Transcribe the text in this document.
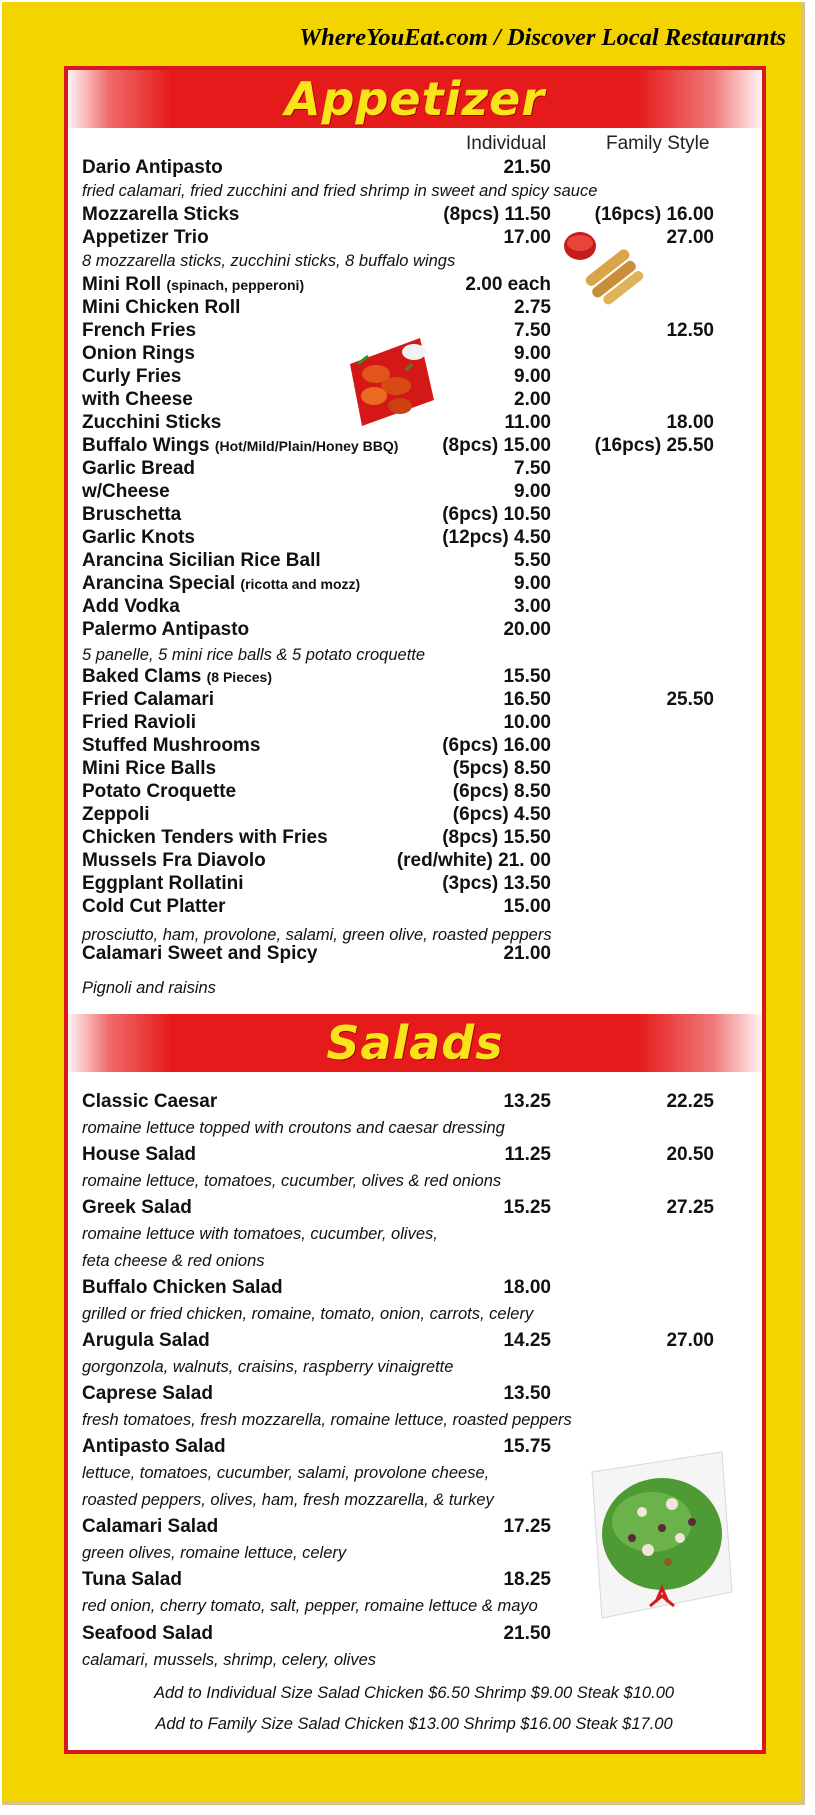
WhereYouEat.com / Discover Local Restaurants
Appetizer
Salads
Individual	Family Style
Dario Antipasto	21.50
Mozzarella Sticks	(8pcs) 11.50 (16pcs) 16.00
Appetizer Trio	17.00	27.00
Mini Roll (spinach, pepperoni)	2.00 each
Mini Chicken Roll	2.75
French Fries	7.50	12.50
Onion Rings	9.00
Curly Fries	9.00
with Cheese	2.00
Zucchini Sticks	11.00	18.00
Buffalo Wings (Hot/Mild/Plain/Honey BBQ) (8pcs) 15.00 (16pcs) 25.50
Garlic Bread	7.50
w/Cheese	9.00
Bruschetta	(6pcs) 10.50
Garlic Knots	(12pcs) 4.50
Arancina Sicilian Rice Ball	5.50
Arancina Special (ricotta and mozz)	9.00
Add Vodka	3.00
Palermo Antipasto	20.00
Baked Clams (8 Pieces)	15.50
Fried Calamari	16.50	25.50
Fried Ravioli	10.00
Stuffed Mushrooms	(6pcs) 16.00
Mini Rice Balls	(5pcs) 8.50
Potato Croquette	(6pcs) 8.50
Zeppoli	(6pcs) 4.50
Chicken Tenders with Fries	(8pcs) 15.50
Mussels Fra Diavolo	(red/white) 21. 00
Eggplant Rollatini	(3pcs) 13.50
Cold Cut Platter	15.00
Calamari Sweet and Spicy	21.00
fried calamari, fried zucchini and fried shrimp in sweet and spicy sauce
8 mozzarella sticks, zucchini sticks, 8 buffalo wings
5 panelle, 5 mini rice balls & 5 potato croquette
prosciutto, ham, provolone, salami, green olive, roasted peppers
Pignoli and raisins
Classic Caesar	13.25	22.25
romaine lettuce topped with croutons and caesar dressing
House Salad	11.25	20.50
romaine lettuce, tomatoes, cucumber, olives & red onions
Greek Salad	15.25	27.25
romaine lettuce with tomatoes, cucumber, olives,
feta cheese & red onions
Buffalo Chicken Salad	18.00
grilled or fried chicken, romaine, tomato, onion, carrots, celery
Arugula Salad	14.25	27.00
gorgonzola, walnuts, craisins, raspberry vinaigrette
Caprese Salad	13.50
fresh tomatoes, fresh mozzarella, romaine lettuce, roasted peppers
Antipasto Salad	15.75
lettuce, tomatoes, cucumber, salami, provolone cheese,
roasted peppers, olives, ham, fresh mozzarella, & turkey
Calamari Salad	17.25
green olives, romaine lettuce, celery
Tuna Salad	18.25
red onion, cherry tomato, salt, pepper, romaine lettuce & mayo
Seafood Salad	21.50
calamari, mussels, shrimp, celery, olives
Add to Individual Size Salad Chicken $6.50 Shrimp $9.00 Steak $10.00
Add to Family Size Salad Chicken $13.00 Shrimp $16.00 Steak $17.00
